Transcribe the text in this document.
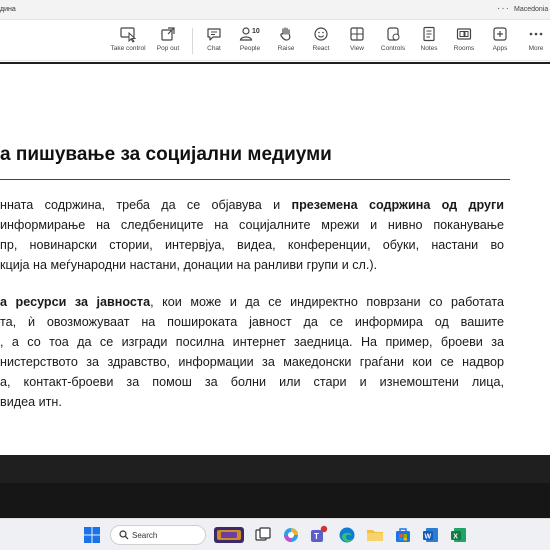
дина	··· Macedonia
Take control	Pop out	Chat
10
People	Raise	React	View	Controls	Notes	Rooms	Apps	More
а пишување за социјални медиуми
нната содржина, треба да се објавува и преземена содржина од други
информирање на следбениците на социјалните мрежи и нивно поканување
пр, новинарски стории, интервјуа, видеа, конференции, обуки, настани во
кција на меѓународни настани, донации на ранливи групи и сл.).
а ресурси за јавноста, кои може и да се индиректно поврзани со работата
та, ѝ овозможуваат на пошироката јавност да се информира од вашите
, а со тоа да се изгради посилна интернет заедница. На пример, броеви за
нистерството за здравство, информации за македонски граѓани кои се надвор
а, контакт-броеви за помош за болни или стари и изнемоштени лица,
видеа итн.
Search	T	W	X
